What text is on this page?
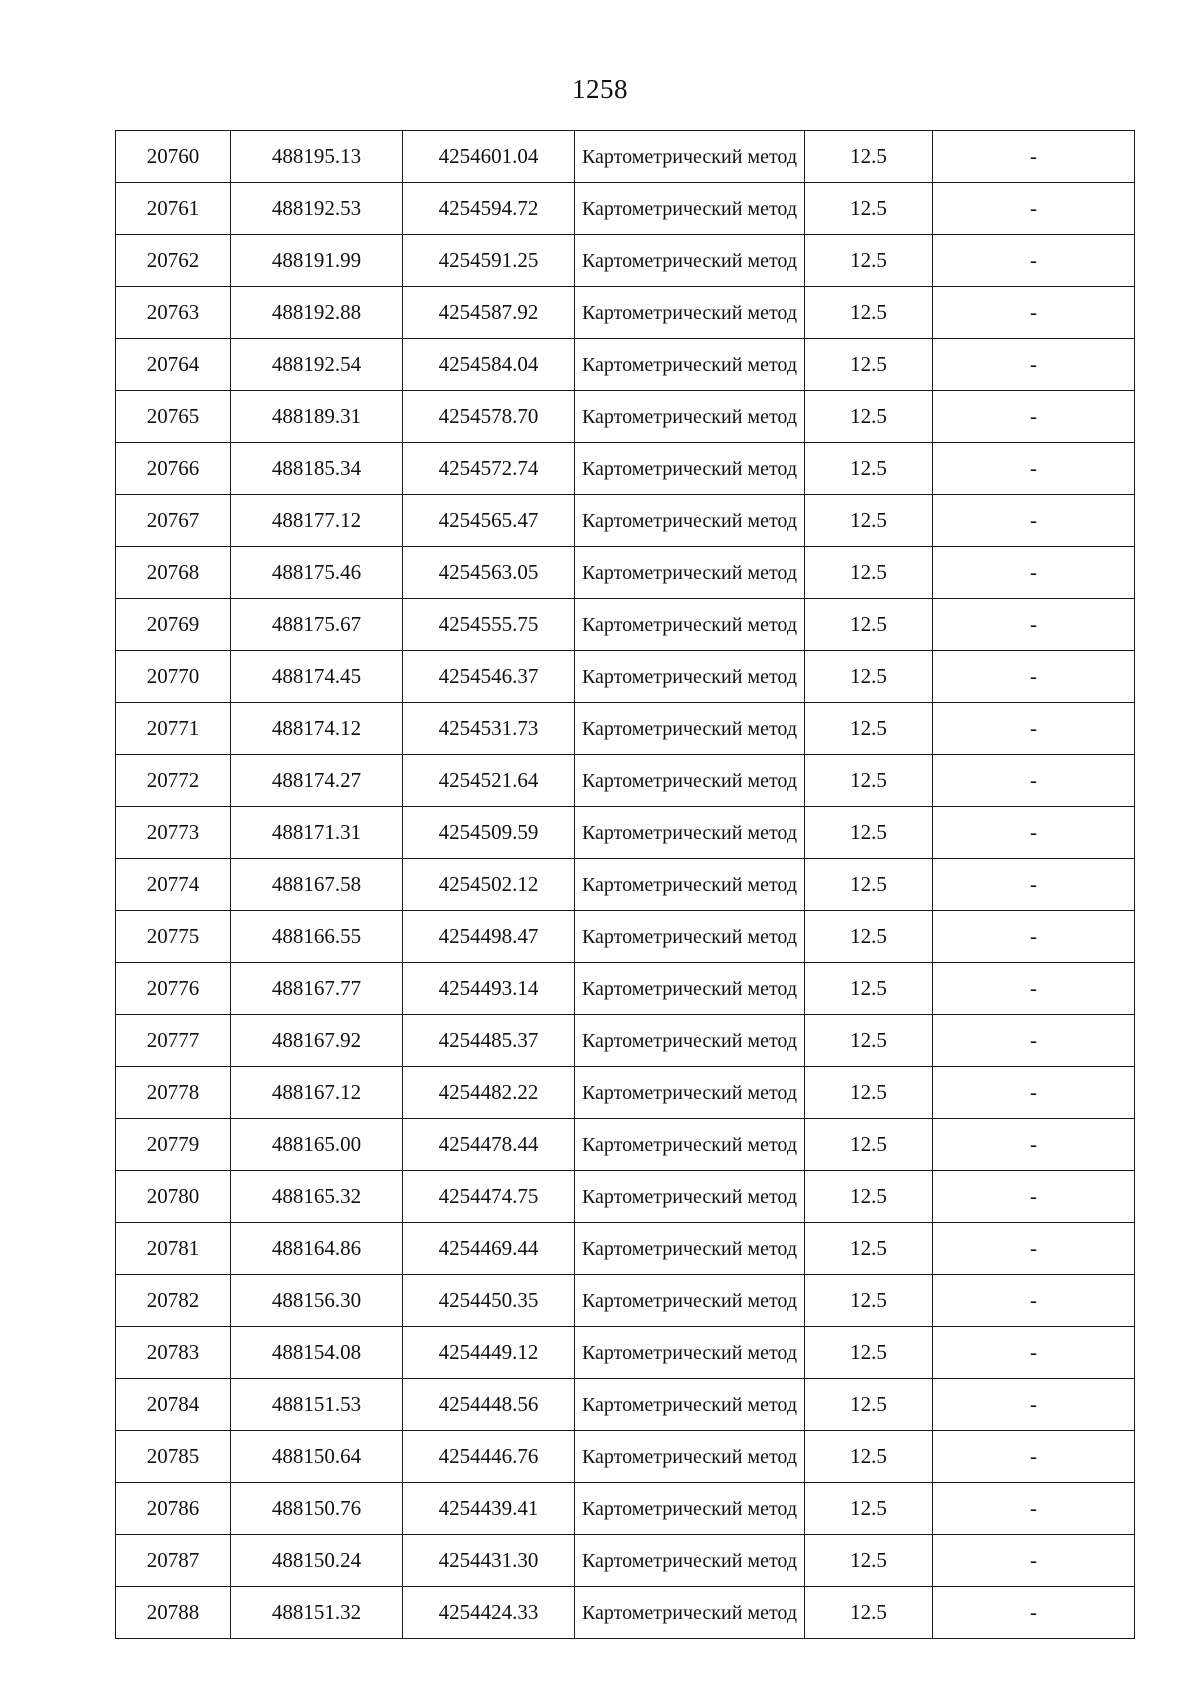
1258
20760	488195.13	4254601.04	Картометрический метод	12.5	-
20761	488192.53	4254594.72	Картометрический метод	12.5	-
20762	488191.99	4254591.25	Картометрический метод	12.5	-
20763	488192.88	4254587.92	Картометрический метод	12.5	-
20764	488192.54	4254584.04	Картометрический метод	12.5	-
20765	488189.31	4254578.70	Картометрический метод	12.5	-
20766	488185.34	4254572.74	Картометрический метод	12.5	-
20767	488177.12	4254565.47	Картометрический метод	12.5	-
20768	488175.46	4254563.05	Картометрический метод	12.5	-
20769	488175.67	4254555.75	Картометрический метод	12.5	-
20770	488174.45	4254546.37	Картометрический метод	12.5	-
20771	488174.12	4254531.73	Картометрический метод	12.5	-
20772	488174.27	4254521.64	Картометрический метод	12.5	-
20773	488171.31	4254509.59	Картометрический метод	12.5	-
20774	488167.58	4254502.12	Картометрический метод	12.5	-
20775	488166.55	4254498.47	Картометрический метод	12.5	-
20776	488167.77	4254493.14	Картометрический метод	12.5	-
20777	488167.92	4254485.37	Картометрический метод	12.5	-
20778	488167.12	4254482.22	Картометрический метод	12.5	-
20779	488165.00	4254478.44	Картометрический метод	12.5	-
20780	488165.32	4254474.75	Картометрический метод	12.5	-
20781	488164.86	4254469.44	Картометрический метод	12.5	-
20782	488156.30	4254450.35	Картометрический метод	12.5	-
20783	488154.08	4254449.12	Картометрический метод	12.5	-
20784	488151.53	4254448.56	Картометрический метод	12.5	-
20785	488150.64	4254446.76	Картометрический метод	12.5	-
20786	488150.76	4254439.41	Картометрический метод	12.5	-
20787	488150.24	4254431.30	Картометрический метод	12.5	-
20788	488151.32	4254424.33	Картометрический метод	12.5	-
